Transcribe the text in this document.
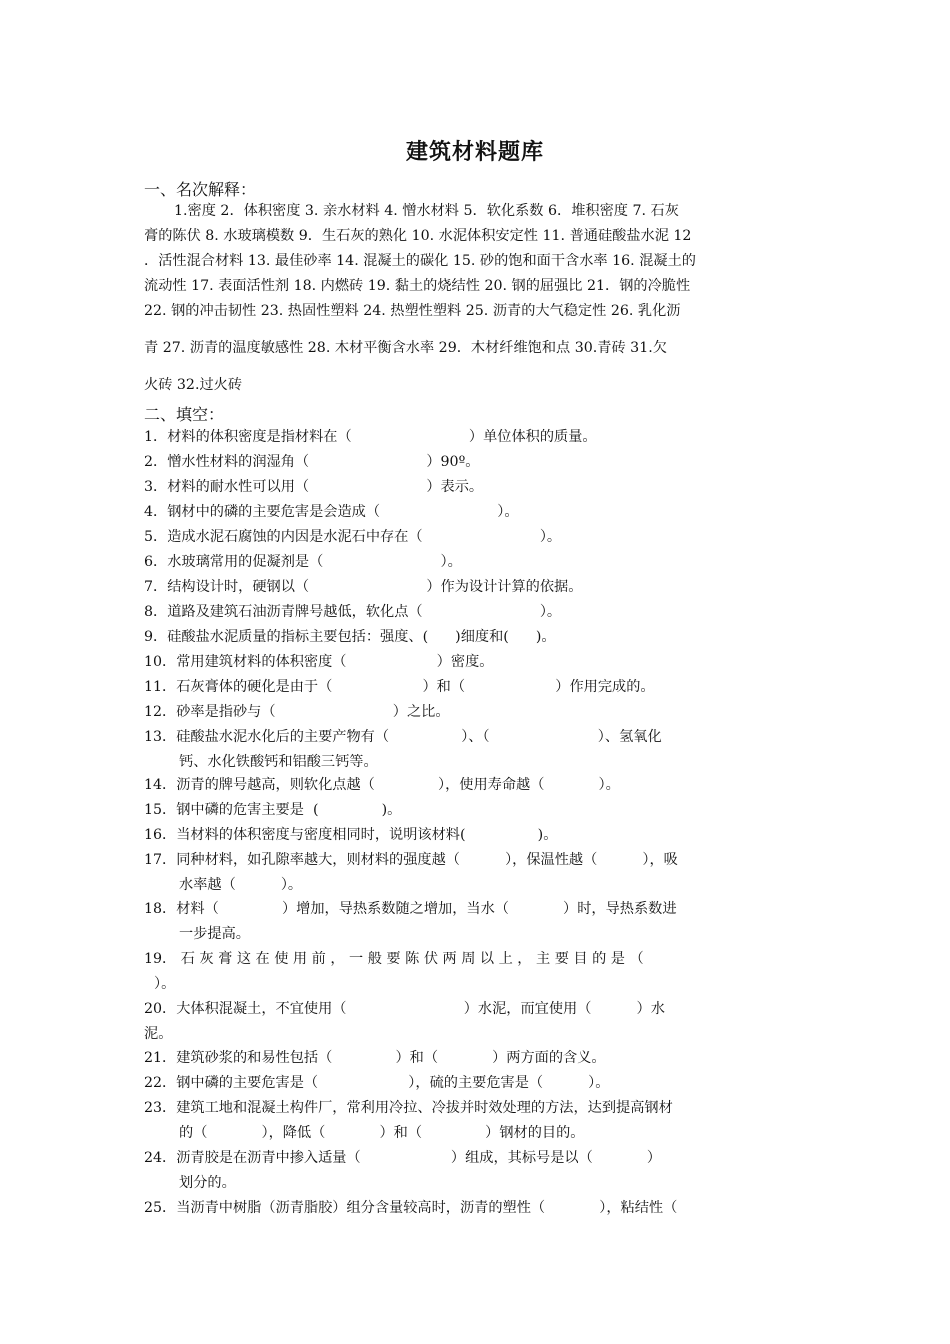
建筑材料题库
一、名次解释：
1.密度 2．体积密度 3. 亲水材料 4. 憎水材料 5．软化系数 6．堆积密度 7. 石灰
膏的陈伏 8. 水玻璃模数 9．生石灰的熟化 10. 水泥体积安定性 11. 普通硅酸盐水泥 12
．活性混合材料 13. 最佳砂率 14. 混凝土的碳化 15. 砂的饱和面干含水率 16. 混凝土的
流动性 17. 表面活性剂 18. 内燃砖 19. 黏土的烧结性 20. 钢的屈强比 21．钢的冷脆性
22. 钢的冲击韧性 23. 热固性塑料 24. 热塑性塑料 25. 沥青的大气稳定性 26. 乳化沥
青 27. 沥青的温度敏感性 28. 木材平衡含水率 29．木材纤维饱和点 30.青砖 31.欠
火砖 32.过火砖
二、填空：
1．材料的体积密度是指材料在（                          ）单位体积的质量。
2．憎水性材料的润湿角（                          ）90º。
3．材料的耐水性可以用（                          ）表示。
4．钢材中的磷的主要危害是会造成（                          ）。
5．造成水泥石腐蚀的内因是水泥石中存在（                          ）。
6．水玻璃常用的促凝剂是（                          ）。
7．结构设计时，硬钢以（                          ）作为设计计算的依据。
8．道路及建筑石油沥青牌号越低，软化点（                          ）。
9．硅酸盐水泥质量的指标主要包括：强度、(      )细度和(      )。
10．常用建筑材料的体积密度（                    ）密度。
11．石灰膏体的硬化是由于（                    ）和（                    ）作用完成的。
12．砂率是指砂与（                          ）之比。
13．硅酸盐水泥水化后的主要产物有（                ）、（                        ）、氢氧化
钙、水化铁酸钙和铝酸三钙等。
14．沥青的牌号越高，则软化点越（              ），使用寿命越（            ）。
15．钢中磷的危害主要是  (              )。
16．当材料的体积密度与密度相同时，说明该材料(                )。
17．同种材料，如孔隙率越大，则材料的强度越（          ），保温性越（          ），吸
水率越（          ）。
18．材料（              ）增加，导热系数随之增加，当水（            ）时，导热系数进
一步提高。
19． 石 灰 膏 这 在 使 用 前 ， 一 般 要 陈 伏 两 周 以 上 ， 主 要 目 的 是 （
）。
20．大体积混凝土，不宜使用（                          ）水泥，而宜使用（          ）水
泥。
21．建筑砂浆的和易性包括（              ）和（            ）两方面的含义。
22．钢中磷的主要危害是（                    ），硫的主要危害是（          ）。
23．建筑工地和混凝土构件厂，常利用冷拉、冷拔并时效处理的方法，达到提高钢材
的（            ），降低（            ）和（              ）钢材的目的。
24．沥青胶是在沥青中掺入适量（                    ）组成，其标号是以（            ）
划分的。
25．当沥青中树脂（沥青脂胶）组分含量较高时，沥青的塑性（            ），粘结性（
